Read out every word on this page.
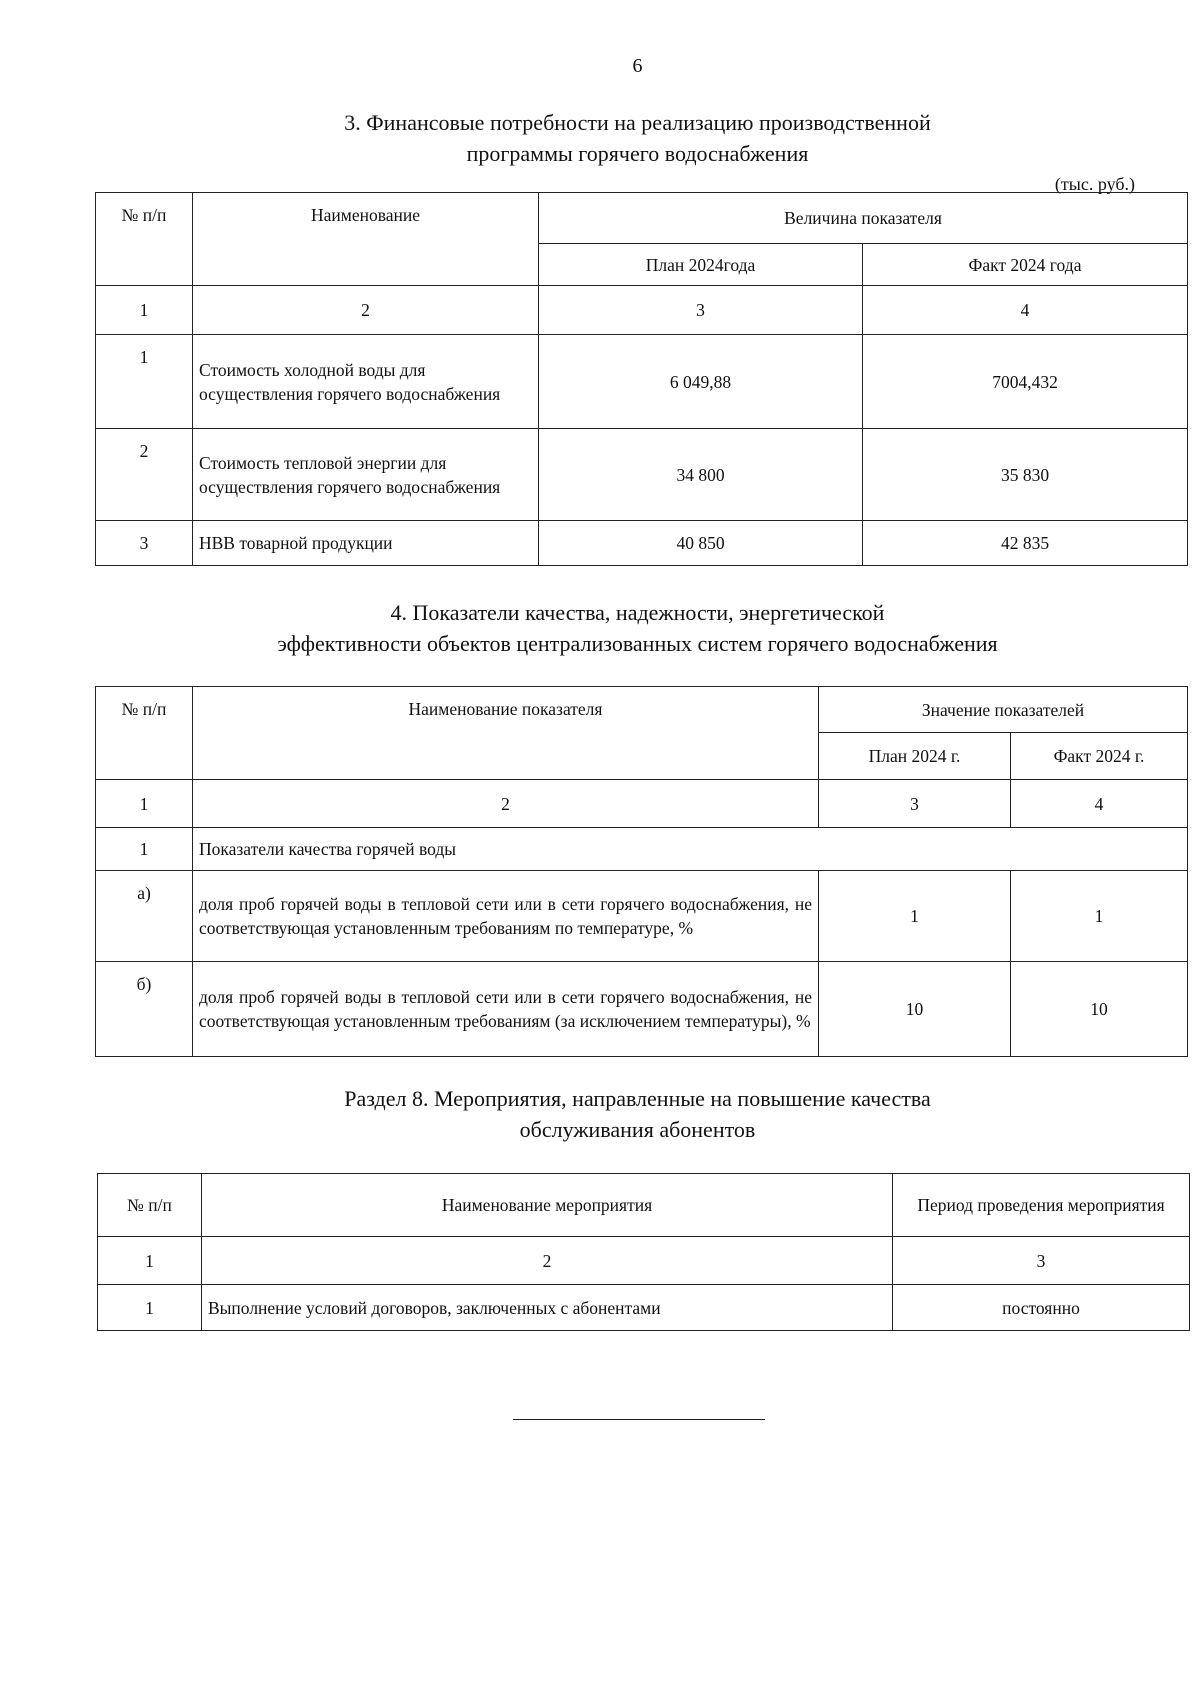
6
3. Финансовые потребности на реализацию производственной
программы горячего водоснабжения
(тыс. руб.)
№ п/п	Наименование	Величина показателя	
		План 2024года	Факт 2024 года
1	2	3	4
1	Стоимость холодной воды для осуществления горячего водоснабжения	6 049,88	7004,432
2	Стоимость тепловой энергии для осуществления горячего водоснабжения	34 800	35 830
3	НВВ товарной продукции	40 850	42 835
4. Показатели качества, надежности, энергетической
эффективности объектов централизованных систем горячего водоснабжения
№ п/п	Наименование показателя	Значение показателей	
		План 2024 г.	Факт 2024 г.
1	2	3	4
1	Показатели качества горячей воды		
а)	доля проб горячей воды в тепловой сети или в сети горячего водоснабжения, не соответствующая установленным требованиям по температуре, %	1	1
б)	доля проб горячей воды в тепловой сети или в сети горячего водоснабжения, не соответствующая установленным требованиям (за исключением температуры), %	10	10
Раздел 8. Мероприятия, направленные на повышение качества
обслуживания абонентов
№ п/п	Наименование мероприятия	Период проведения мероприятия
1	2	3
1	Выполнение условий договоров, заключенных с абонентами	постоянно
